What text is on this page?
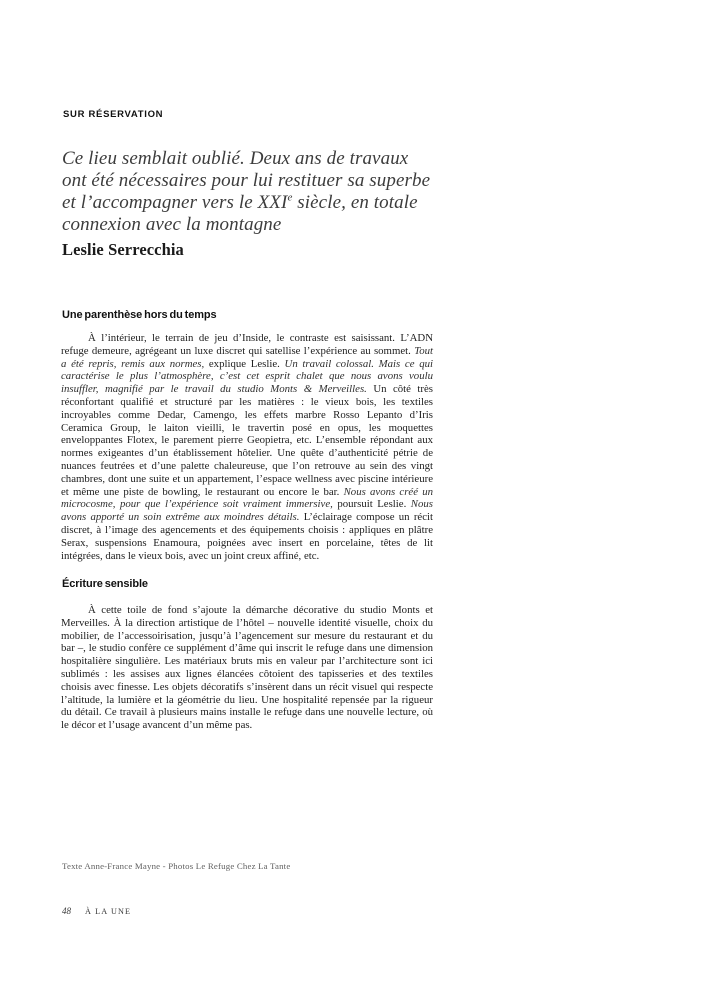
SUR RÉSERVATION
Ce lieu semblait oublié. Deux ans de travaux
ont été nécessaires pour lui restituer sa superbe
et l’accompagner vers le XXIe siècle, en totale
connexion avec la montagne
Leslie Serrecchia
Une parenthèse hors du temps

À l’intérieur, le terrain de jeu d’Inside, le contraste est saisissant. L’ADN refuge demeure, agrégeant un luxe discret qui satellise l’expérience au sommet. Tout a été repris, remis aux normes, explique Leslie. Un travail colossal. Mais ce qui caractérise le plus l’atmosphère, c’est cet esprit chalet que nous avons voulu insuffler, magnifié par le travail du studio Monts & Merveilles. Un côté très réconfortant qualifié et structuré par les matières : le vieux bois, les textiles incroyables comme Dedar, Camengo, les effets marbre Rosso Lepanto d’Iris Ceramica Group, le laiton vieilli, le travertin posé en opus, les moquettes enveloppantes Flotex, le parement pierre Geopietra, etc. L’ensemble répondant aux normes exigeantes d’un établissement hôtelier. Une quête d’authenticité pétrie de nuances feutrées et d’une palette chaleureuse, que l’on retrouve au sein des vingt chambres, dont une suite et un appartement, l’espace wellness avec piscine intérieure et même une piste de bowling, le restaurant ou encore le bar. Nous avons créé un microcosme, pour que l’expérience soit vraiment immersive, poursuit Leslie. Nous avons apporté un soin extrême aux moindres détails. L’éclairage compose un récit discret, à l’image des agencements et des équipements choisis : appliques en plâtre Serax, suspensions Enamoura, poignées avec insert en porcelaine, têtes de lit intégrées, dans le vieux bois, avec un joint creux affiné, etc.

Écriture sensible

À cette toile de fond s’ajoute la démarche décorative du studio Monts et Merveilles. À la direction artistique de l’hôtel – nouvelle identité visuelle, choix du mobilier, de l’accessoirisation, jusqu’à l’agencement sur mesure du restaurant et du bar –, le studio confère ce supplément d’âme qui inscrit le refuge dans une dimension hospitalière singulière. Les matériaux bruts mis en valeur par l’architecture sont ici sublimés : les assises aux lignes élancées côtoient des tapisseries et des textiles choisis avec finesse. Les objets décoratifs s’insèrent dans un récit visuel qui respecte l’altitude, la lumière et la géométrie du lieu. Une hospitalité repensée par la rigueur du détail. Ce travail à plusieurs mains installe le refuge dans une nouvelle lecture, où le décor et l’usage avancent d’un même pas.

Texte Anne-France Mayne - Photos Le Refuge Chez La Tante
48 À LA UNE
